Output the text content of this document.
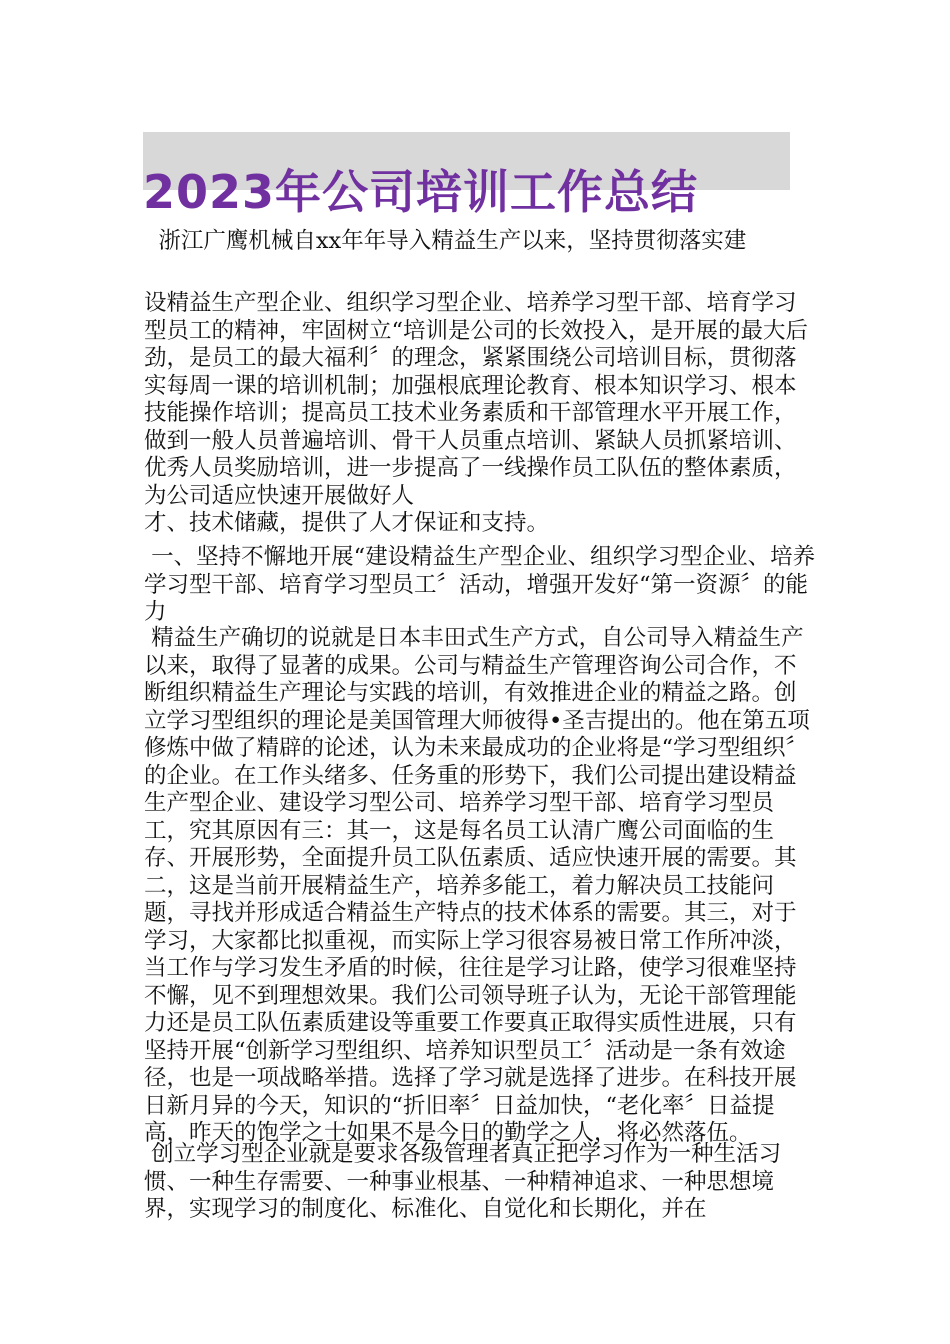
2023年公司培训工作总结

浙江广鹰机械自xx年年导入精益生产以来，坚持贯彻落实建

设精益生产型企业、组织学习型企业、培养学习型干部、培育学习型员工的精神，牢固树立“培训是公司的长效投入，是开展的最大后劲，是员工的最大福利〞的理念，紧紧围绕公司培训目标，贯彻落实每周一课的培训机制；加强根底理论教育、根本知识学习、根本技能操作培训；提高员工技术业务素质和干部管理水平开展工作，做到一般人员普遍培训、骨干人员重点培训、紧缺人员抓紧培训、优秀人员奖励培训，进一步提高了一线操作员工队伍的整体素质，为公司适应快速开展做好人

才、技术储藏，提供了人才保证和支持。

一、坚持不懈地开展“建设精益生产型企业、组织学习型企业、培养学习型干部、培育学习型员工〞活动，增强开发好“第一资源〞的能力

精益生产确切的说就是日本丰田式生产方式，自公司导入精益生产以来，取得了显著的成果。公司与精益生产管理咨询公司合作，不断组织精益生产理论与实践的培训，有效推进企业的精益之路。创立学习型组织的理论是美国管理大师彼得•圣吉提出的。他在第五项修炼中做了精辟的论述，认为未来最成功的企业将是“学习型组织〞的企业。在工作头绪多、任务重的形势下，我们公司提出建设精益生产型企业、建设学习型公司、培养学习型干部、培育学习型员工，究其原因有三：其一，这是每名员工认清广鹰公司面临的生存、开展形势，全面提升员工队伍素质、适应快速开展的需要。其二，这是当前开展精益生产，培养多能工，着力解决员工技能问题，寻找并形成适合精益生产特点的技术体系的需要。其三，对于学习，大家都比拟重视，而实际上学习很容易被日常工作所冲淡，当工作与学习发生矛盾的时候，往往是学习让路，使学习很难坚持不懈，见不到理想效果。我们公司领导班子认为，无论干部管理能力还是员工队伍素质建设等重要工作要真正取得实质性进展，只有坚持开展“创新学习型组织、培养知识型员工〞活动是一条有效途径，也是一项战略举措。选择了学习就是选择了进步。在科技开展日新月异的今天，知识的“折旧率〞日益加快，“老化率〞日益提高，昨天的饱学之士如果不是今日的勤学之人，将必然落伍。

创立学习型企业就是要求各级管理者真正把学习作为一种生活习惯、一种生存需要、一种事业根基、一种精神追求、一种思想境界，实现学习的制度化、标准化、自觉化和长期化，并在
